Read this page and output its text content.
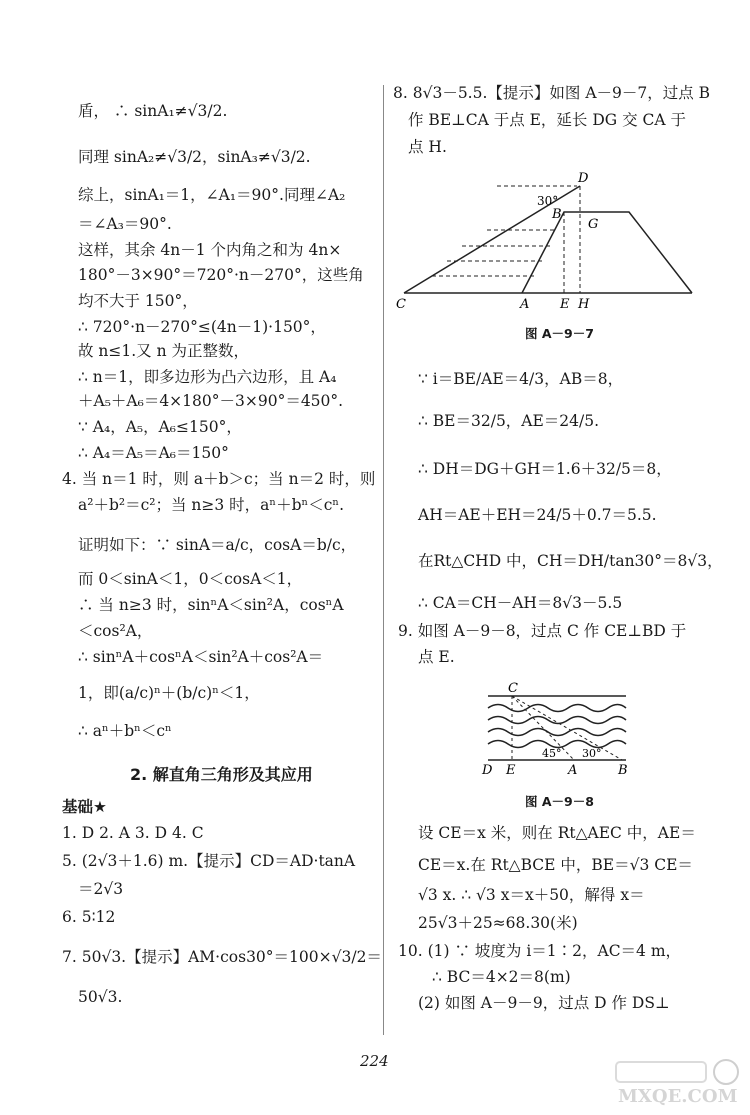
盾， ∴ sinA₁≠√3/2.
同理 sinA₂≠√3/2，sinA₃≠√3/2.
综上，sinA₁＝1，∠A₁＝90°.同理∠A₂
＝∠A₃＝90°.
这样，其余 4n－1 个内角之和为 4n×
180°－3×90°＝720°·n－270°，这些角
均不大于 150°，
∴ 720°·n－270°≤(4n－1)·150°，
故 n≤1.又 n 为正整数，
∴ n＝1，即多边形为凸六边形，且 A₄
＋A₅＋A₆＝4×180°－3×90°＝450°.
∵ A₄，A₅，A₆≤150°，
∴ A₄＝A₅＝A₆＝150°
4. 当 n＝1 时，则 a＋b＞c；当 n＝2 时，则
a²＋b²＝c²；当 n≥3 时，aⁿ＋bⁿ＜cⁿ.
证明如下：∵ sinA＝a/c，cosA＝b/c，
而 0＜sinA＜1，0＜cosA＜1，
∴ 当 n≥3 时，sinⁿA＜sin²A，cosⁿA
＜cos²A，
∴ sinⁿA＋cosⁿA＜sin²A＋cos²A＝
1，即(a/c)ⁿ＋(b/c)ⁿ＜1，
∴ aⁿ＋bⁿ＜cⁿ
2. 解直角三角形及其应用
基础★
1. D 2. A 3. D 4. C
5. (2√3＋1.6) m.【提示】CD＝AD·tanA
＝2√3
6. 5∶12
7. 50√3.【提示】AM·cos30°＝100×√3/2＝
50√3.
8. 8√3－5.5.【提示】如图 A－9－7，过点 B
作 BE⊥CA 于点 E，延长 DG 交 CA 于
点 H.
D
30°
B
G
C	A E H
图 A－9－7
∵ i＝BE/AE＝4/3，AB＝8，
∴ BE＝32/5，AE＝24/5.
∴ DH＝DG＋GH＝1.6＋32/5＝8，
AH＝AE＋EH＝24/5＋0.7＝5.5.
在Rt△CHD 中，CH＝DH/tan30°＝8√3，
∴ CA＝CH－AH＝8√3－5.5
9. 如图 A－9－8，过点 C 作 CE⊥BD 于
点 E.
C
45° 30°
D E	A	B
图 A－9－8
设 CE＝x 米，则在 Rt△AEC 中，AE＝
CE＝x.在 Rt△BCE 中，BE＝√3 CE＝
√3 x. ∴ √3 x＝x＋50，解得 x＝
25√3＋25≈68.30(米)
10. (1) ∵ 坡度为 i＝1∶2，AC＝4 m，
∴ BC＝4×2＝8(m)
(2) 如图 A－9－9，过点 D 作 DS⊥
224
MXQE.COM
